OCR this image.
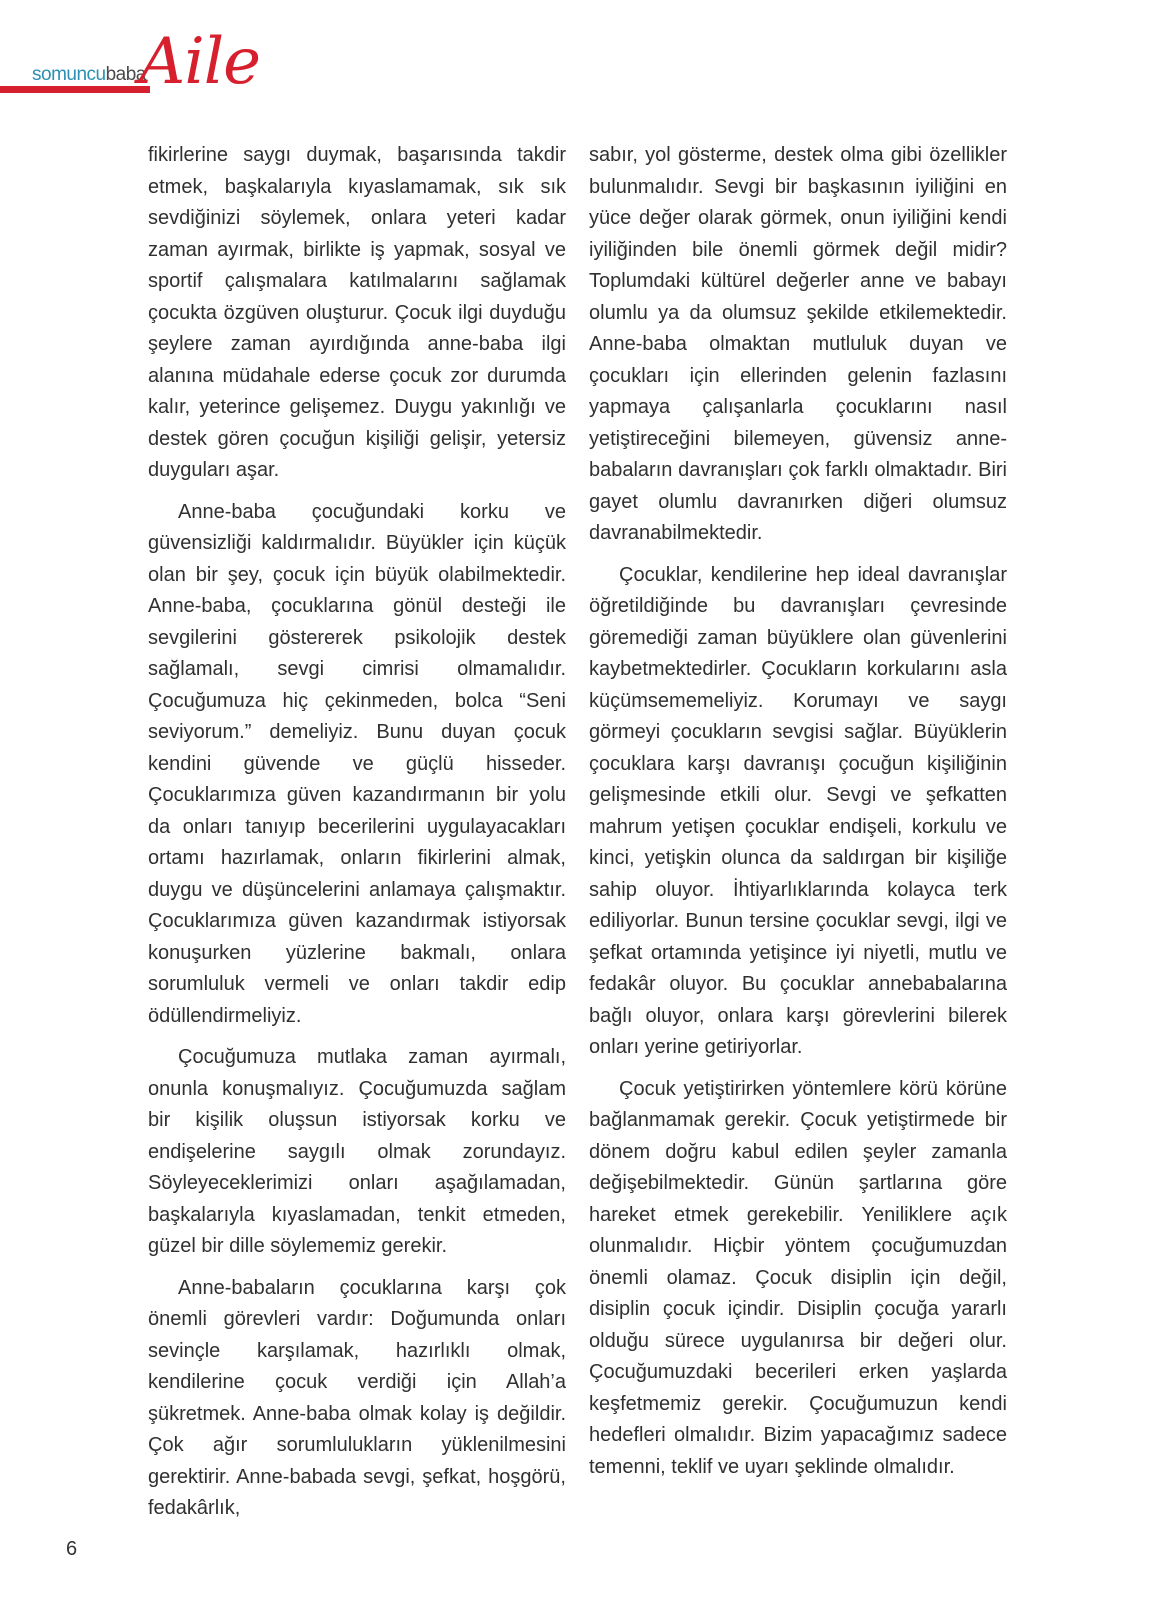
somuncubaba
Aile

fikirlerine saygı duymak, başarısında takdir etmek, başkalarıyla kıyaslamamak, sık sık sevdiğinizi söylemek, onlara yeteri kadar zaman ayırmak, birlikte iş yapmak, sosyal ve sportif çalışmalara katılmalarını sağlamak çocukta özgüven oluşturur. Çocuk ilgi duyduğu şeylere zaman ayırdığında anne-baba ilgi alanına müdahale ederse çocuk zor durumda kalır, yeterince gelişemez. Duygu yakınlığı ve destek gören çocuğun kişiliği gelişir, yetersiz duyguları aşar.

Anne-baba çocuğundaki korku ve güvensizliği kaldırmalıdır. Büyükler için küçük olan bir şey, çocuk için büyük olabilmektedir. Anne-baba, çocuklarına gönül desteği ile sevgilerini göstererek psikolojik destek sağlamalı, sevgi cimrisi olmamalıdır. Çocuğumuza hiç çekinmeden, bolca “Seni seviyorum.” demeliyiz. Bunu duyan çocuk kendini güvende ve güçlü hisseder. Çocuklarımıza güven kazandırmanın bir yolu da onları tanıyıp becerilerini uygulayacakları ortamı hazırlamak, onların fikirlerini almak, duygu ve düşüncelerini anlamaya çalışmaktır. Çocuklarımıza güven kazandırmak istiyorsak konuşurken yüzlerine bakmalı, onlara sorumluluk vermeli ve onları takdir edip ödüllendirmeliyiz.

Çocuğumuza mutlaka zaman ayırmalı, onunla konuşmalıyız. Çocuğumuzda sağlam bir kişilik oluşsun istiyorsak korku ve endişelerine saygılı olmak zorundayız. Söyleyeceklerimizi onları aşağılamadan, başkalarıyla kıyaslamadan, tenkit etmeden, güzel bir dille söylememiz gerekir.

Anne-babaların çocuklarına karşı çok önemli görevleri vardır: Doğumunda onları sevinçle karşılamak, hazırlıklı olmak, kendilerine çocuk verdiği için Allah’a şükretmek. Anne-baba olmak kolay iş değildir. Çok ağır sorumlulukların yüklenilmesini gerektirir. Anne-babada sevgi, şefkat, hoşgörü, fedakârlık,

sabır, yol gösterme, destek olma gibi özellikler bulunmalıdır. Sevgi bir başkasının iyiliğini en yüce değer olarak görmek, onun iyiliğini kendi iyiliğinden bile önemli görmek değil midir? Toplumdaki kültürel değerler anne ve babayı olumlu ya da olumsuz şekilde etkilemektedir. Anne-baba olmaktan mutluluk duyan ve çocukları için ellerinden gelenin fazlasını yapmaya çalışanlarla çocuklarını nasıl yetiştireceğini bilemeyen, güvensiz anne-babaların davranışları çok farklı olmaktadır. Biri gayet olumlu davranırken diğeri olumsuz davranabilmektedir.

Çocuklar, kendilerine hep ideal davranışlar öğretildiğinde bu davranışları çevresinde göremediği zaman büyüklere olan güvenlerini kaybetmektedirler. Çocukların korkularını asla küçümsememeliyiz. Korumayı ve saygı görmeyi çocukların sevgisi sağlar. Büyüklerin çocuklara karşı davranışı çocuğun kişiliğinin gelişmesinde etkili olur. Sevgi ve şefkatten mahrum yetişen çocuklar endişeli, korkulu ve kinci, yetişkin olunca da saldırgan bir kişiliğe sahip oluyor. İhtiyarlıklarında kolayca terk ediliyorlar. Bunun tersine çocuklar sevgi, ilgi ve şefkat ortamında yetişince iyi niyetli, mutlu ve fedakâr oluyor. Bu çocuklar annebabalarına bağlı oluyor, onlara karşı görevlerini bilerek onları yerine getiriyorlar.

Çocuk yetiştirirken yöntemlere körü körüne bağlanmamak gerekir. Çocuk yetiştirmede bir dönem doğru kabul edilen şeyler zamanla değişebilmektedir. Günün şartlarına göre hareket etmek gerekebilir. Yeniliklere açık olunmalıdır. Hiçbir yöntem çocuğumuzdan önemli olamaz. Çocuk disiplin için değil, disiplin çocuk içindir. Disiplin çocuğa yararlı olduğu sürece uygulanırsa bir değeri olur. Çocuğumuzdaki becerileri erken yaşlarda keşfetmemiz gerekir. Çocuğumuzun kendi hedefleri olmalıdır. Bizim yapacağımız sadece temenni, teklif ve uyarı şeklinde olmalıdır.

6
